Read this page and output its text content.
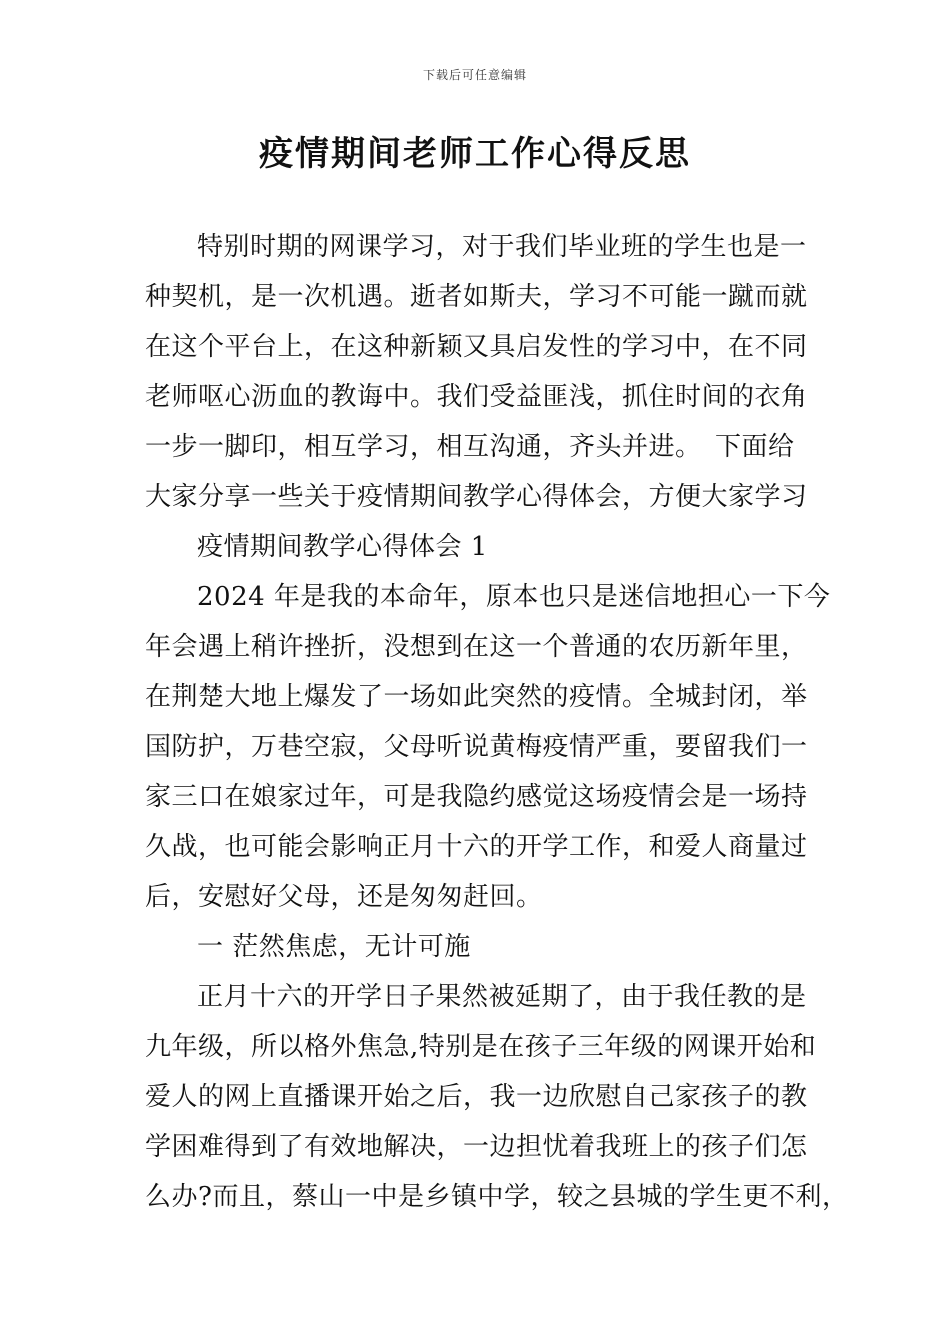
下载后可任意编辑
疫情期间老师工作心得反思
特别时期的网课学习，对于我们毕业班的学生也是一
种契机，是一次机遇。逝者如斯夫，学习不可能一蹴而就
在这个平台上，在这种新颖又具启发性的学习中，在不同
老师呕心沥血的教诲中。我们受益匪浅，抓住时间的衣角
一步一脚印，相互学习，相互沟通，齐头并进。　下面给
大家分享一些关于疫情期间教学心得体会，方便大家学习
疫情期间教学心得体会 1
2024 年是我的本命年，原本也只是迷信地担心一下今
年会遇上稍许挫折，没想到在这一个普通的农历新年里，
在荆楚大地上爆发了一场如此突然的疫情。全城封闭，举
国防护，万巷空寂，父母听说黄梅疫情严重，要留我们一
家三口在娘家过年，可是我隐约感觉这场疫情会是一场持
久战，也可能会影响正月十六的开学工作，和爱人商量过
后，安慰好父母，还是匆匆赶回。
一 茫然焦虑，无计可施
正月十六的开学日子果然被延期了，由于我任教的是
九年级，所以格外焦急,特别是在孩子三年级的网课开始和
爱人的网上直播课开始之后，我一边欣慰自己家孩子的教
学困难得到了有效地解决，一边担忧着我班上的孩子们怎
么办?而且，蔡山一中是乡镇中学，较之县城的学生更不利，
